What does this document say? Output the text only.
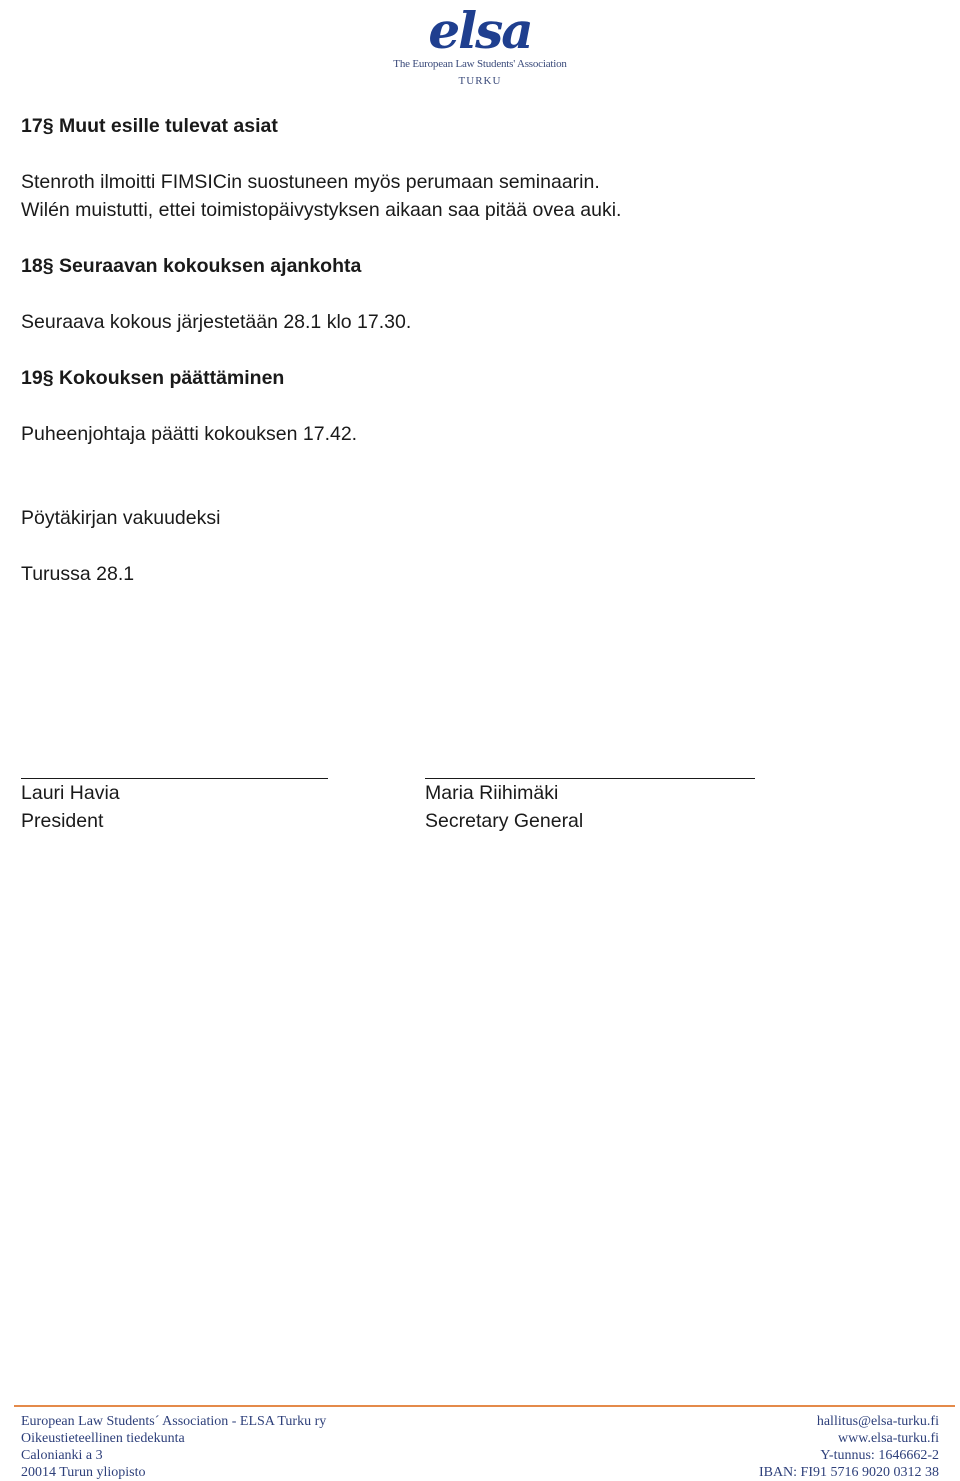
elsa
The European Law Students' Association
TURKU

17§ Muut esille tulevat asiat

Stenroth ilmoitti FIMSICin suostuneen myös perumaan seminaarin.

Wilén muistutti, ettei toimistopäivystyksen aikaan saa pitää ovea auki.

18§ Seuraavan kokouksen ajankohta

Seuraava kokous järjestetään 28.1 klo 17.30.

19§ Kokouksen päättäminen

Puheenjohtaja päätti kokouksen 17.42.

Pöytäkirjan vakuudeksi

Turussa 28.1

Lauri Havia
President
Maria Riihimäki
Secretary General
European Law Students´ Association - ELSA Turku ry
Oikeustieteellinen tiedekunta
Calonianki a 3
20014 Turun yliopisto
hallitus@elsa-turku.fi
www.elsa-turku.fi
Y-tunnus: 1646662-2
IBAN: FI91 5716 9020 0312 38
